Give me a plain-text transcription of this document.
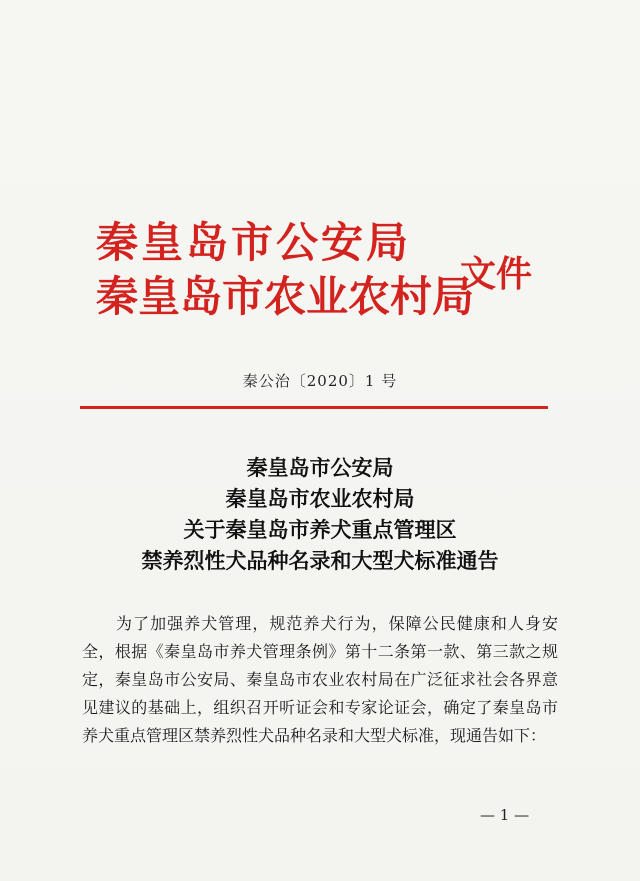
秦皇岛市公安局
秦皇岛市农业农村局
文件
秦公治〔2020〕1 号
秦皇岛市公安局
秦皇岛市农业农村局
关于秦皇岛市养犬重点管理区
禁养烈性犬品种名录和大型犬标准通告

为了加强养犬管理，规范养犬行为，保障公民健康和人身安全，根据《秦皇岛市养犬管理条例》第十二条第一款、第三款之规定，秦皇岛市公安局、秦皇岛市农业农村局在广泛征求社会各界意见建议的基础上，组织召开听证会和专家论证会，确定了秦皇岛市养犬重点管理区禁养烈性犬品种名录和大型犬标准，现通告如下：

— 1 —
